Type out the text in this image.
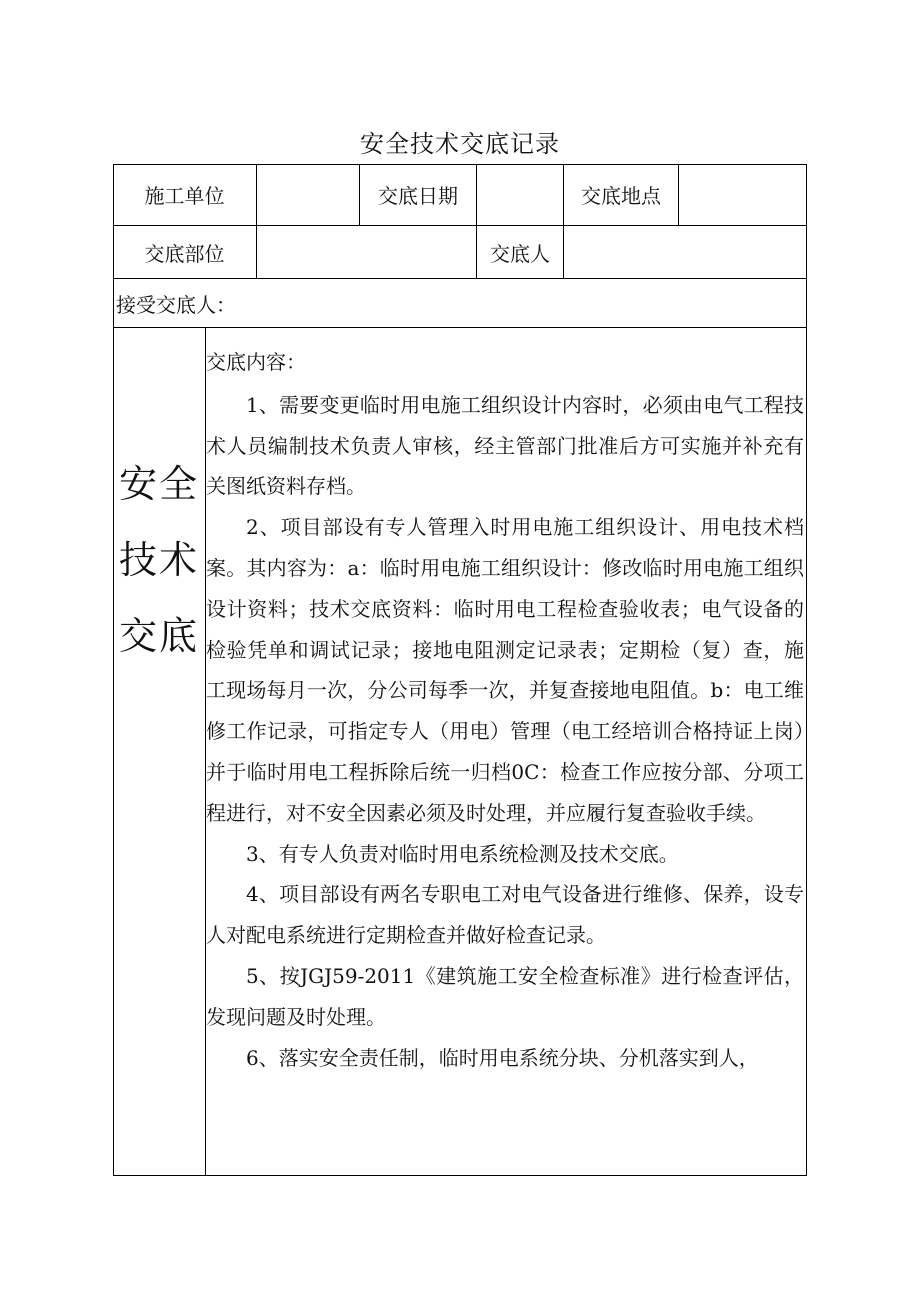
安全技术交底记录
施工单位	交底日期	交底地点
交底部位	交底人
接受交底人：
安全
技术
交底

交底内容：

1、需要变更临时用电施工组织设计内容时，必须由电气工程技术人员编制技术负责人审核，经主管部门批准后方可实施并补充有关图纸资料存档。

2、项目部设有专人管理入时用电施工组织设计、用电技术档案。其内容为：a：临时用电施工组织设计：修改临时用电施工组织设计资料；技术交底资料：临时用电工程检查验收表；电气设备的检验凭单和调试记录；接地电阻测定记录表；定期检（复）查，施工现场每月一次，分公司每季一次，并复查接地电阻值。b：电工维修工作记录，可指定专人（用电）管理（电工经培训合格持证上岗）并于临时用电工程拆除后统一归档0C：检查工作应按分部、分项工程进行，对不安全因素必须及时处理，并应履行复查验收手续。

3、有专人负责对临时用电系统检测及技术交底。

4、项目部设有两名专职电工对电气设备进行维修、保养，设专人对配电系统进行定期检查并做好检查记录。

5、按JGJ59-2011《建筑施工安全检查标准》进行检查评估，发现问题及时处理。

6、落实安全责任制，临时用电系统分块、分机落实到人，
